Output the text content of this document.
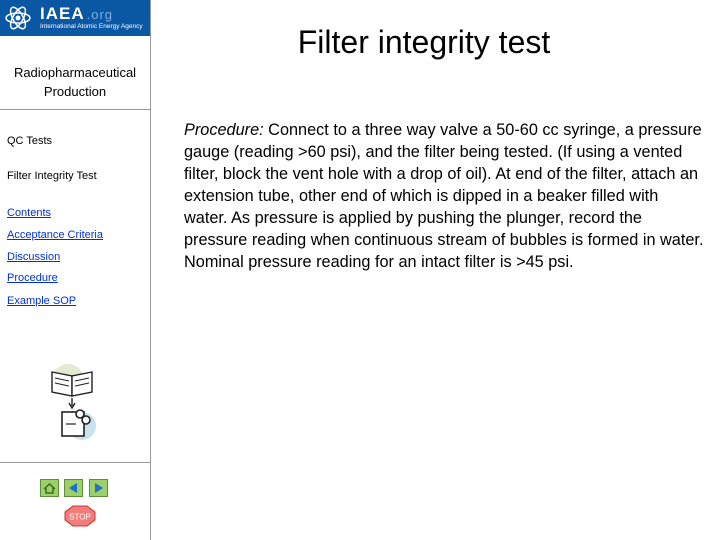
IAEA .org
International Atomic Energy Agency
Radiopharmaceutical Production
QC Tests
Filter Integrity Test
Contents
Acceptance Criteria
Discussion
Procedure
Example SOP
STOP
Filter integrity test
Procedure: Connect to a three way valve a 50-60 cc syringe, a pressure gauge (reading >60 psi), and the filter being tested. (If using a vented filter, block the vent hole with a drop of oil). At end of the filter, attach an extension tube, other end of which is dipped in a beaker filled with water. As pressure is applied by pushing the plunger, record the pressure reading when continuous stream of bubbles is formed in water. Nominal pressure reading for an intact filter is >45 psi.
